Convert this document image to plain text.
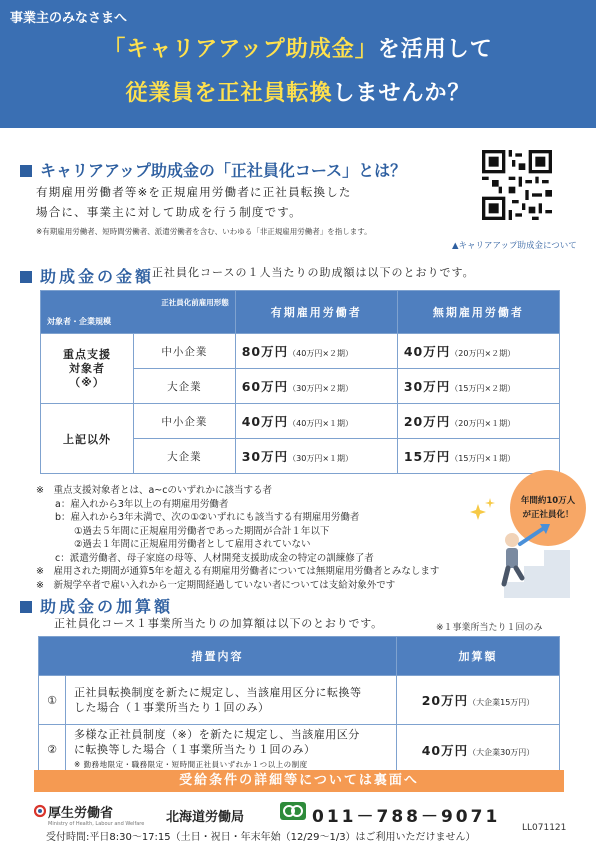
事業主のみなさまへ
「キャリアアップ助成金」を活用して
従業員を正社員転換しませんか？
キャリアアップ助成金の「正社員化コース」とは？
有期雇用労働者等※を正規雇用労働者に正社員転換した
場合に、事業主に対して助成を行う制度です。
※有期雇用労働者、短時間労働者、派遣労働者を含む、いわゆる「非正規雇用労働者」を指します。
▲キャリアアップ助成金について
助成金の金額
正社員化コースの１人当たりの助成額は以下のとおりです。
正社員化前雇用形態
対象者・企業規模		有期雇用労働者	無期雇用労働者
重点支援
対象者
（※）	中小企業	80万円（40万円×２期）	40万円（20万円×２期）
	大企業	60万円（30万円×２期）	30万円（15万円×２期）
上記以外	中小企業	40万円（40万円×１期）	20万円（20万円×１期）
	大企業	30万円（30万円×１期）	15万円（15万円×１期）
※　重点支援対象者とは、a~cのいずれかに該当する者
　　a：雇入れから3年以上の有期雇用労働者
　　b：雇入れから3年未満で、次の①②いずれにも該当する有期雇用労働者
　　　　①過去５年間に正規雇用労働者であった期間が合計１年以下
　　　　②過去１年間に正規雇用労働者として雇用されていない
　　c：派遣労働者、母子家庭の母等、人材開発支援助成金の特定の訓練修了者
※　雇用された期間が通算5年を超える有期雇用労働者については無期雇用労働者とみなします
※　新規学卒者で雇い入れから一定期間経過していない者については支給対象外です
年間約10万人
が正社員化！
助成金の加算額
正社員化コース１事業所当たりの加算額は以下のとおりです。	※１事業所当たり１回のみ
措置内容		加算額
①	正社員転換制度を新たに規定し、当該雇用区分に転換等
した場合（１事業所当たり１回のみ）	20万円（大企業15万円）
②	多様な正社員制度（※）を新たに規定し、当該雇用区分
に転換等した場合（１事業所当たり１回のみ）
※ 勤務地限定・職務限定・短時間正社員いずれか１つ以上の制度	40万円（大企業30万円）
受給条件の詳細等については裏面へ
厚生労働省
Ministry of Health, Labour and Welfare 北海道労働局	011－788－9071
受付時間:平日8:30～17:15（土日・祝日・年末年始（12/29～1/3）はご利用いただけません）
LL071121
